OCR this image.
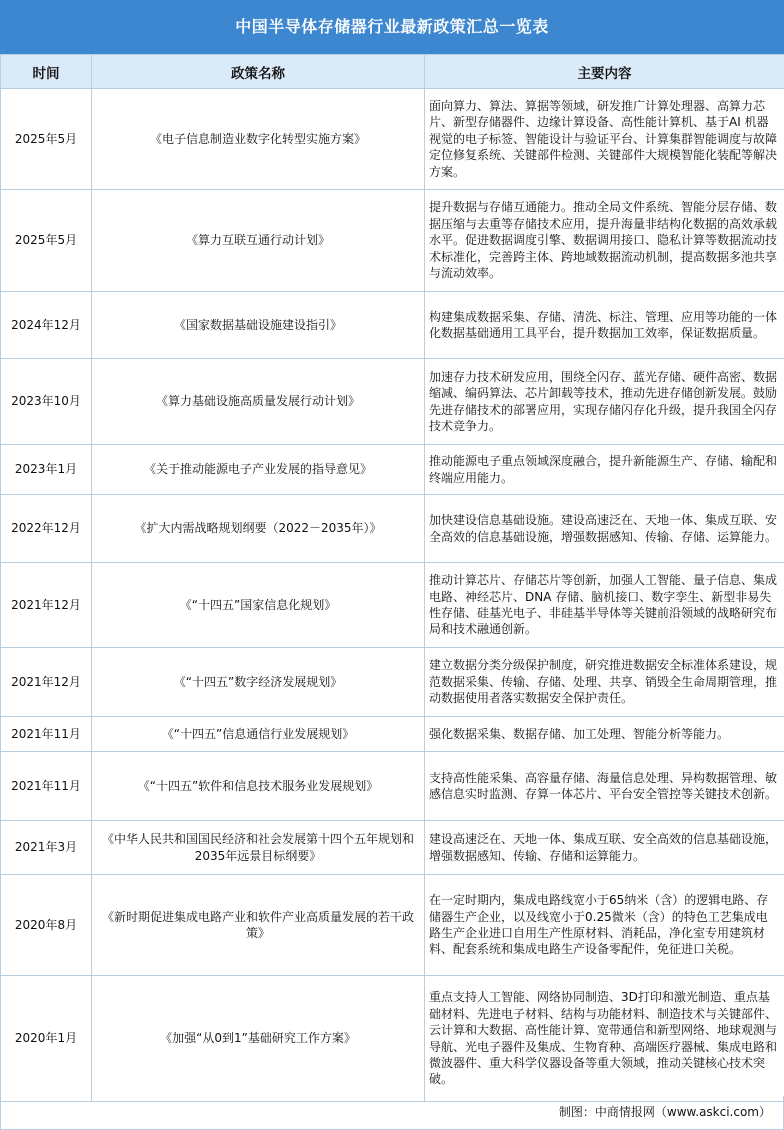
中国半导体存储器行业最新政策汇总一览表
时间	政策名称	主要内容
2025年5月	《电子信息制造业数字化转型实施方案》	面向算力、算法、算据等领域，研发推广计算处理器、高算力芯片、新型存储器件、边缘计算设备、高性能计算机、基于AI 机器视觉的电子标签、智能设计与验证平台、计算集群智能调度与故障定位修复系统、关键部件检测、关键部件大规模智能化装配等解决方案。
2025年5月	《算力互联互通行动计划》	提升数据与存储互通能力。推动全局文件系统、智能分层存储、数据压缩与去重等存储技术应用，提升海量非结构化数据的高效承载水平。促进数据调度引擎、数据调用接口、隐私计算等数据流动技术标准化，完善跨主体、跨地域数据流动机制，提高数据多池共享与流动效率。
2024年12月	《国家数据基础设施建设指引》	构建集成数据采集、存储、清洗、标注、管理、应用等功能的一体化数据基础通用工具平台，提升数据加工效率，保证数据质量。
2023年10月	《算力基础设施高质量发展行动计划》	加速存力技术研发应用，围绕全闪存、蓝光存储、硬件高密、数据缩减、编码算法、芯片卸载等技术，推动先进存储创新发展。鼓励先进存储技术的部署应用，实现存储闪存化升级，提升我国全闪存技术竞争力。
2023年1月	《关于推动能源电子产业发展的指导意见》	推动能源电子重点领域深度融合，提升新能源生产、存储、输配和终端应用能力。
2022年12月	《扩大内需战略规划纲要（2022－2035年）》	加快建设信息基础设施。建设高速泛在、天地一体、集成互联、安全高效的信息基础设施，增强数据感知、传输、存储、运算能力。
2021年12月	《“十四五”国家信息化规划》	推动计算芯片、存储芯片等创新，加强人工智能、量子信息、集成电路、神经芯片、DNA 存储、脑机接口、数字孪生、新型非易失性存储、硅基光电子、非硅基半导体等关键前沿领域的战略研究布局和技术融通创新。
2021年12月	《“十四五”数字经济发展规划》	建立数据分类分级保护制度，研究推进数据安全标准体系建设，规范数据采集、传输、存储、处理、共享、销毁全生命周期管理，推动数据使用者落实数据安全保护责任。
2021年11月	《“十四五”信息通信行业发展规划》	强化数据采集、数据存储、加工处理、智能分析等能力。
2021年11月	《“十四五”软件和信息技术服务业发展规划》	支持高性能采集、高容量存储、海量信息处理、异构数据管理、敏感信息实时监测、存算一体芯片、平台安全管控等关键技术创新。
2021年3月	《中华人民共和国国民经济和社会发展第十四个五年规划和2035年远景目标纲要》	建设高速泛在、天地一体、集成互联、安全高效的信息基础设施，增强数据感知、传输、存储和运算能力。
2020年8月	《新时期促进集成电路产业和软件产业高质量发展的若干政策》	在一定时期内，集成电路线宽小于65纳米（含）的逻辑电路、存储器生产企业，以及线宽小于0.25微米（含）的特色工艺集成电路生产企业进口自用生产性原材料、消耗品，净化室专用建筑材料、配套系统和集成电路生产设备零配件，免征进口关税。
2020年1月	《加强“从0到1”基础研究工作方案》	重点支持人工智能、网络协同制造、3D打印和激光制造、重点基础材料、先进电子材料、结构与功能材料、制造技术与关键部件、云计算和大数据、高性能计算、宽带通信和新型网络、地球观测与导航、光电子器件及集成、生物育种、高端医疗器械、集成电路和微波器件、重大科学仪器设备等重大领域，推动关键核心技术突破。
制图：中商情报网（www.askci.com）
